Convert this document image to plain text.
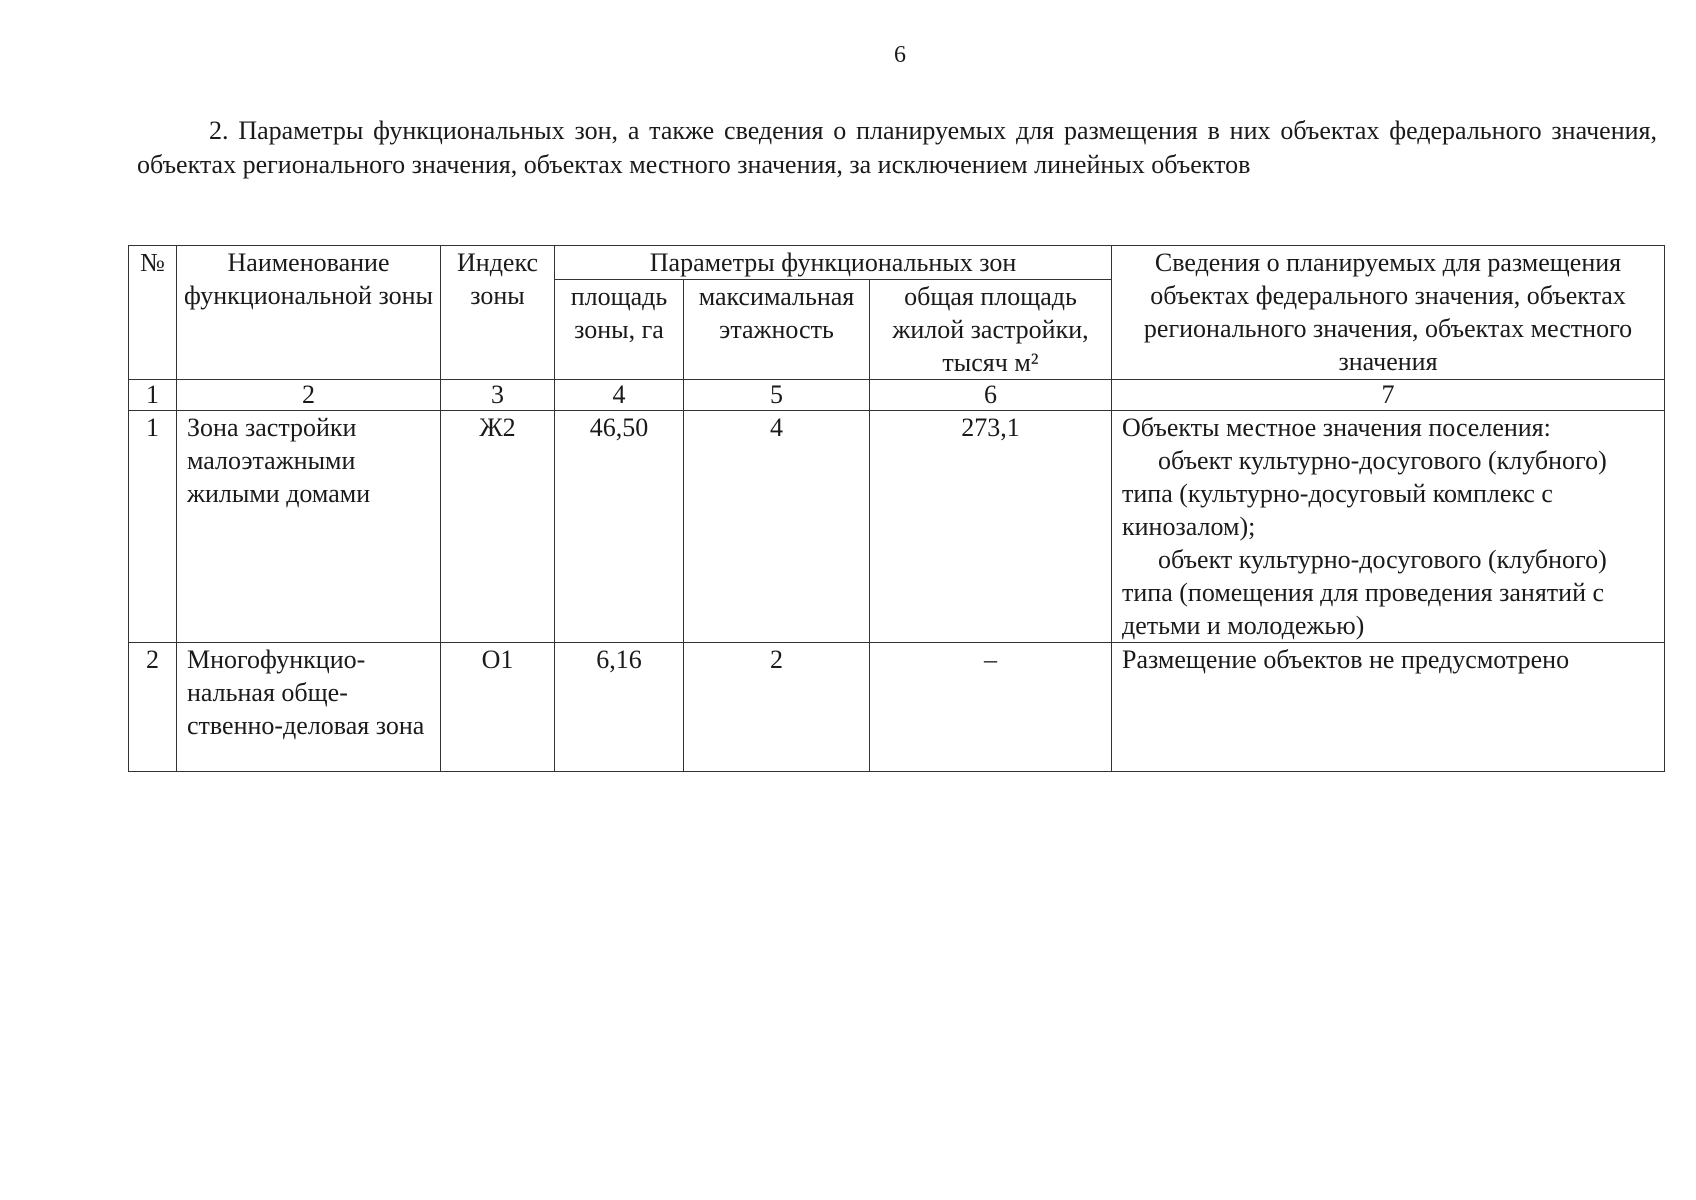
6
2. Параметры функциональных зон, а также сведения о планируемых для размещения в них объектах федерального значения, объектах регионального значения, объектах местного значения, за исключением линейных объектов
№	Наименование функциональной зоны	Индекс зоны	Параметры функциональных зон			Сведения о планируемых для размещения объектах федерального значения, объектах регионального значения, объектах местного значения
			площадь зоны, га	максимальная этажность	общая площадь жилой застройки, тысяч м²	
1	2	3	4	5	6	7
1	Зона застройки малоэтажными жилыми домами	Ж2	46,50	4	273,1	Объекты местное значения поселения:
объект культурно-досугового (клубного) типа (культурно-досуговый комплекс с кинозалом);
объект культурно-досугового (клубного) типа (помещения для проведения занятий с детьми и молодежью)

2	Многофункцио-нальная обще-ственно-деловая зона	О1	6,16	2	–	Размещение объектов не предусмотрено
